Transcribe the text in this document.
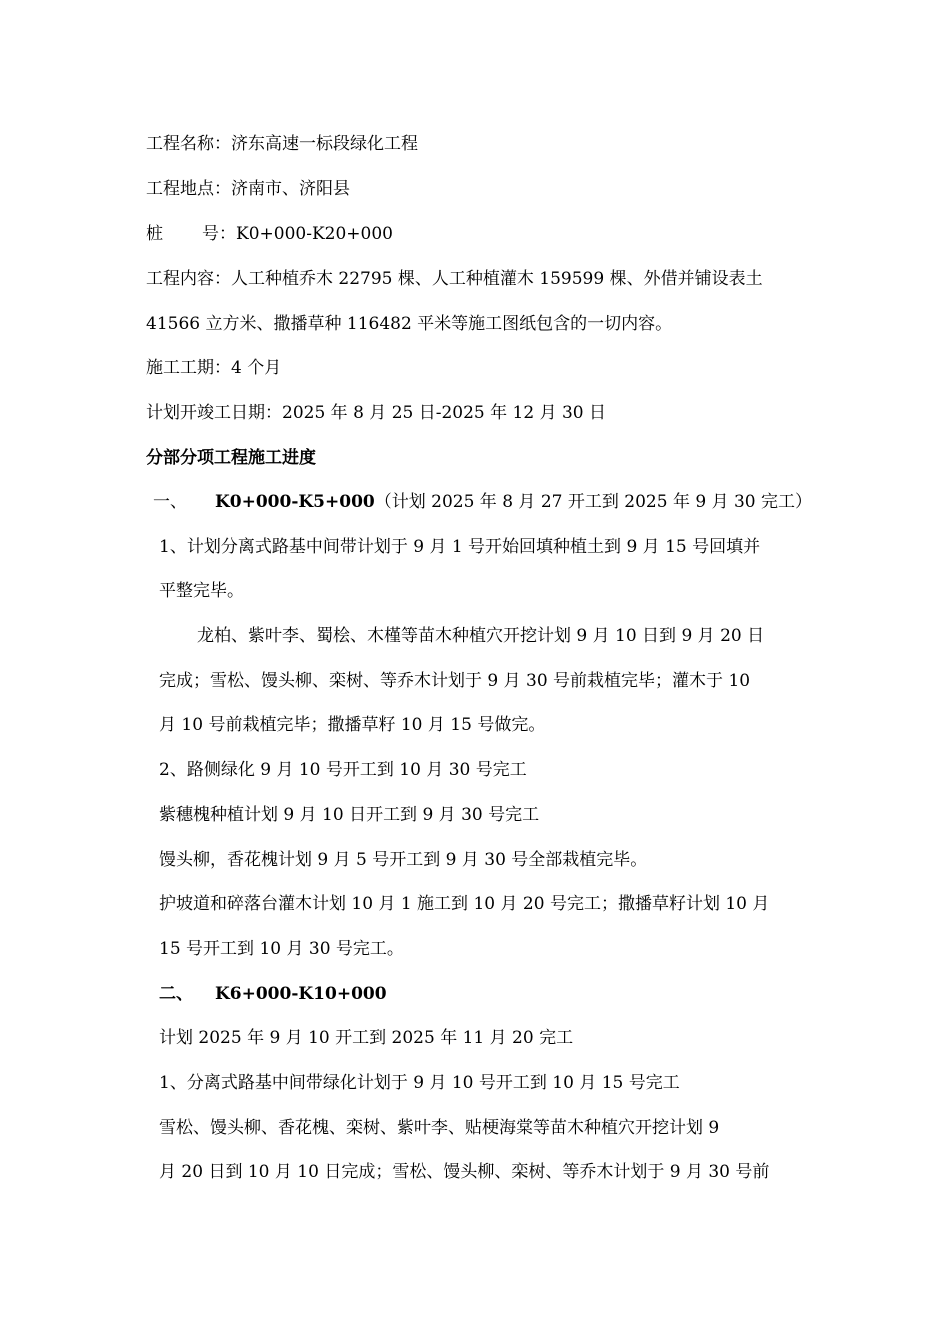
工程名称：济东高速一标段绿化工程
工程地点：济南市、济阳县
桩 号：K0+000-K20+000
工程内容：人工种植乔木 22795 棵、人工种植灌木 159599 棵、外借并铺设表土
41566 立方米、撒播草种 116482 平米等施工图纸包含的一切内容。
施工工期：4 个月
计划开竣工日期：2025 年 8 月 25 日-2025 年 12 月 30 日
分部分项工程施工进度
一、 K0+000-K5+000（计划 2025 年 8 月 27 开工到 2025 年 9 月 30 完工）
1、计划分离式路基中间带计划于 9 月 1 号开始回填种植土到 9 月 15 号回填并
平整完毕。
龙柏、紫叶李、蜀桧、木槿等苗木种植穴开挖计划 9 月 10 日到 9 月 20 日
完成；雪松、馒头柳、栾树、等乔木计划于 9 月 30 号前栽植完毕；灌木于 10
月 10 号前栽植完毕；撒播草籽 10 月 15 号做完。
2、路侧绿化 9 月 10 号开工到 10 月 30 号完工
紫穗槐种植计划 9 月 10 日开工到 9 月 30 号完工
馒头柳，香花槐计划 9 月 5 号开工到 9 月 30 号全部栽植完毕。
护坡道和碎落台灌木计划 10 月 1 施工到 10 月 20 号完工；撒播草籽计划 10 月
15 号开工到 10 月 30 号完工。
二、 K6+000-K10+000
计划 2025 年 9 月 10 开工到 2025 年 11 月 20 完工
1、分离式路基中间带绿化计划于 9 月 10 号开工到 10 月 15 号完工
雪松、馒头柳、香花槐、栾树、紫叶李、贴梗海棠等苗木种植穴开挖计划 9
月 20 日到 10 月 10 日完成；雪松、馒头柳、栾树、等乔木计划于 9 月 30 号前
